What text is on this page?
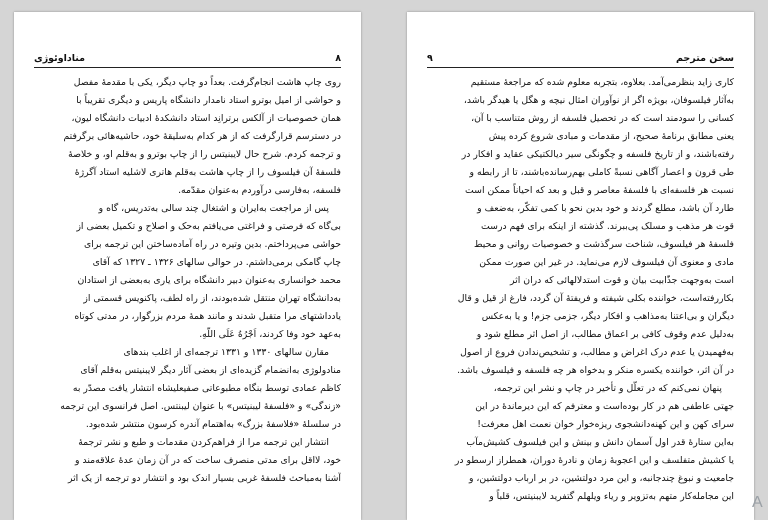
مناداوئوژی	۸
روی چاپ هاشت انجام‌گرفت. بعداً دو چاپ دیگر، یکی با مقدمهٔ مفصل
و حواشی از امیل بوترو استاد نامدار دانشگاه پاریس و دیگری تقریباً با
همان خصوصیات از آلکس برترانِد استاد دانشکدهٔ ادبیات دانشگاه لیون،
در دسترسم قرارگرفت که از هر کدام به‌سلیقهٔ خود، حاشیه‌هائی برگرفتم
و ترجمه کردم. شرح حال لایبنیتس را از چاپ بوترو و به‌قلم او، و خلاصهٔ
فلسفهٔ آن فیلسوف را از چاپ هاشت به‌قلم هاتری لاشلیه استاد آگرژهٔ
فلسفه، به‌فارسی درآوردم به‌عنوان مقدّمه.
پس از مراجعت به‌ایران و اشتغال چند سالی به‌تدریس، گاه و
بی‌گاه که فرصتی و فراغتی می‌یافتم به‌حک و اصلاح و تکمیل بعضی از
حواشی می‌پرداختم. بدین وتیره در راه آماده‌ساختن این ترجمه برای
چاپ گامکی برمی‌داشتم. در حوالی سالهای ۱۳۲۶ ـ ۱۳۲۷ که آقای
محمد خوانساری به‌عنوان دبیر دانشگاه برای یاری به‌بعضی از استادان
به‌دانشگاه تهران منتقل شده‌بودند، از راه لطف، پاکنویس قسمتی از
یادداشتهای مرا متقبل شدند و مانند همهٔ مردم بزرگوار، در مدتی کوتاه
به‌عهد خود وفا کردند، اَجْرُهُ عَلَی اللّهِ.
مقارن سالهای ۱۳۳۰ و ۱۳۳۱ ترجمه‌ای از اغلب بندهای
منادولوژی به‌انضمام گزیده‌ای از بعضی آثار دیگر لایبنیتس به‌قلم آقای
کاظم عمادی توسط بنگاه مطبوعاتی صفیعلیشاه انتشار یافت مصدّر به
«زندگی» و «فلسفهٔ لیبنیتس» با عنوان لیبنتس. اصل فرانسوی این ترجمه
در سلسلهٔ «فلاسفهٔ بزرگ» به‌اهتمام آندره کرسون منتشر شده‌بود.
انتشار این ترجمه مرا از فراهم‌کردن مقدمات و طبع و نشر ترجمهٔ
خود، لااقل برای مدتی منصرف ساخت که در آن زمان عدهٔ علاقه‌مند و
آشنا به‌مباحث فلسفهٔ غربی بسیار اندک بود و انتشار دو ترجمه از یک اثر
۹	سخن مترجم
کاری زاید بنظرمی‌آمد. بعلاوه، بتجربه معلوم شده که مراجعهٔ مستقیم
به‌آثار فیلسوفان، بویژه اگر از نوآوران امثال نیچه و هگل یا هیدگر باشد،
کسانی را سودمند است که در تحصیل فلسفه از روش متناسب با آن،
یعنی مطابق برنامهٔ صحیح، از مقدمات و مبادی شروع کرده پیش
رفته‌باشند، و از تاریخ فلسفه و چگونگی سیر دیالکتیکی عقاید و افکار در
طی قرون و اعصار آگاهی نسبةً کاملی بهم‌رسانده‌باشند، تا از رابطه و
نسبت هر فلسفه‌ای با فلسفهٔ معاصر و قبل و بعد که احیاناً ممکن است
طارد آن باشد، مطلع گردند و خود بدین نحو با کمی تفکّر، به‌ضعف و
قوت هر مذهب و مسلک پی‌ببرند. گذشته از اینکه برای فهم درست
فلسفهٔ هر فیلسوف، شناخت سرگذشت و خصوصیات روانی و محیط
مادی و معنوی آن فیلسوف لازم می‌نماید. در غیر این صورت ممکن
است به‌وجهت جذّابیت بیان و قوت استدلالهائی که دران اثر
بکاررفته‌است، خواننده بکلی شیفته و فریفتهٔ آن گردد، فارغ از قیل و قال
دیگران و بی‌اعتنا به‌مذاهب و افکار دیگر، جزمی جزم‌! و یا به‌عکس
به‌دلیل عدم وقوف کافی بر اعماق مطالب، از اصل اثر مطلع شود و
به‌فهمیدن یا عدم درک اغراض و مطالب، و تشخیص‌ندادن فروع از اصول
در آن اثر، خواننده یکسره منکر و بدخواه هر چه فلسفه و فیلسوف باشد.
پنهان نمی‌کنم که در تعلّل و تأخیر در چاپ و نشر این ترجمه،
جهتی عاطفی هم در کار بوده‌است و معترفم که این دیرماندهٔ در این
سرای کهن و این کهنه‌دانشجوی ریزه‌خوار خوان نعمت اهل معرفت!
به‌این ستارهٔ قدر اول آسمان دانش و بینش و این فیلسوف کشیش‌مآب
یا کشیش متفلسف و این اعجوبهٔ زمان و نادرهٔ دوران، همطراز ارسطو در
جامعیت و نبوغ چندجانبه، و این مرد دولتشین، در بر ارباب دولتشین، و
این مجامله‌کار متهم به‌تزویر و ریاء ویلهلم گتفرید لایبنیتس، قلباً و A
